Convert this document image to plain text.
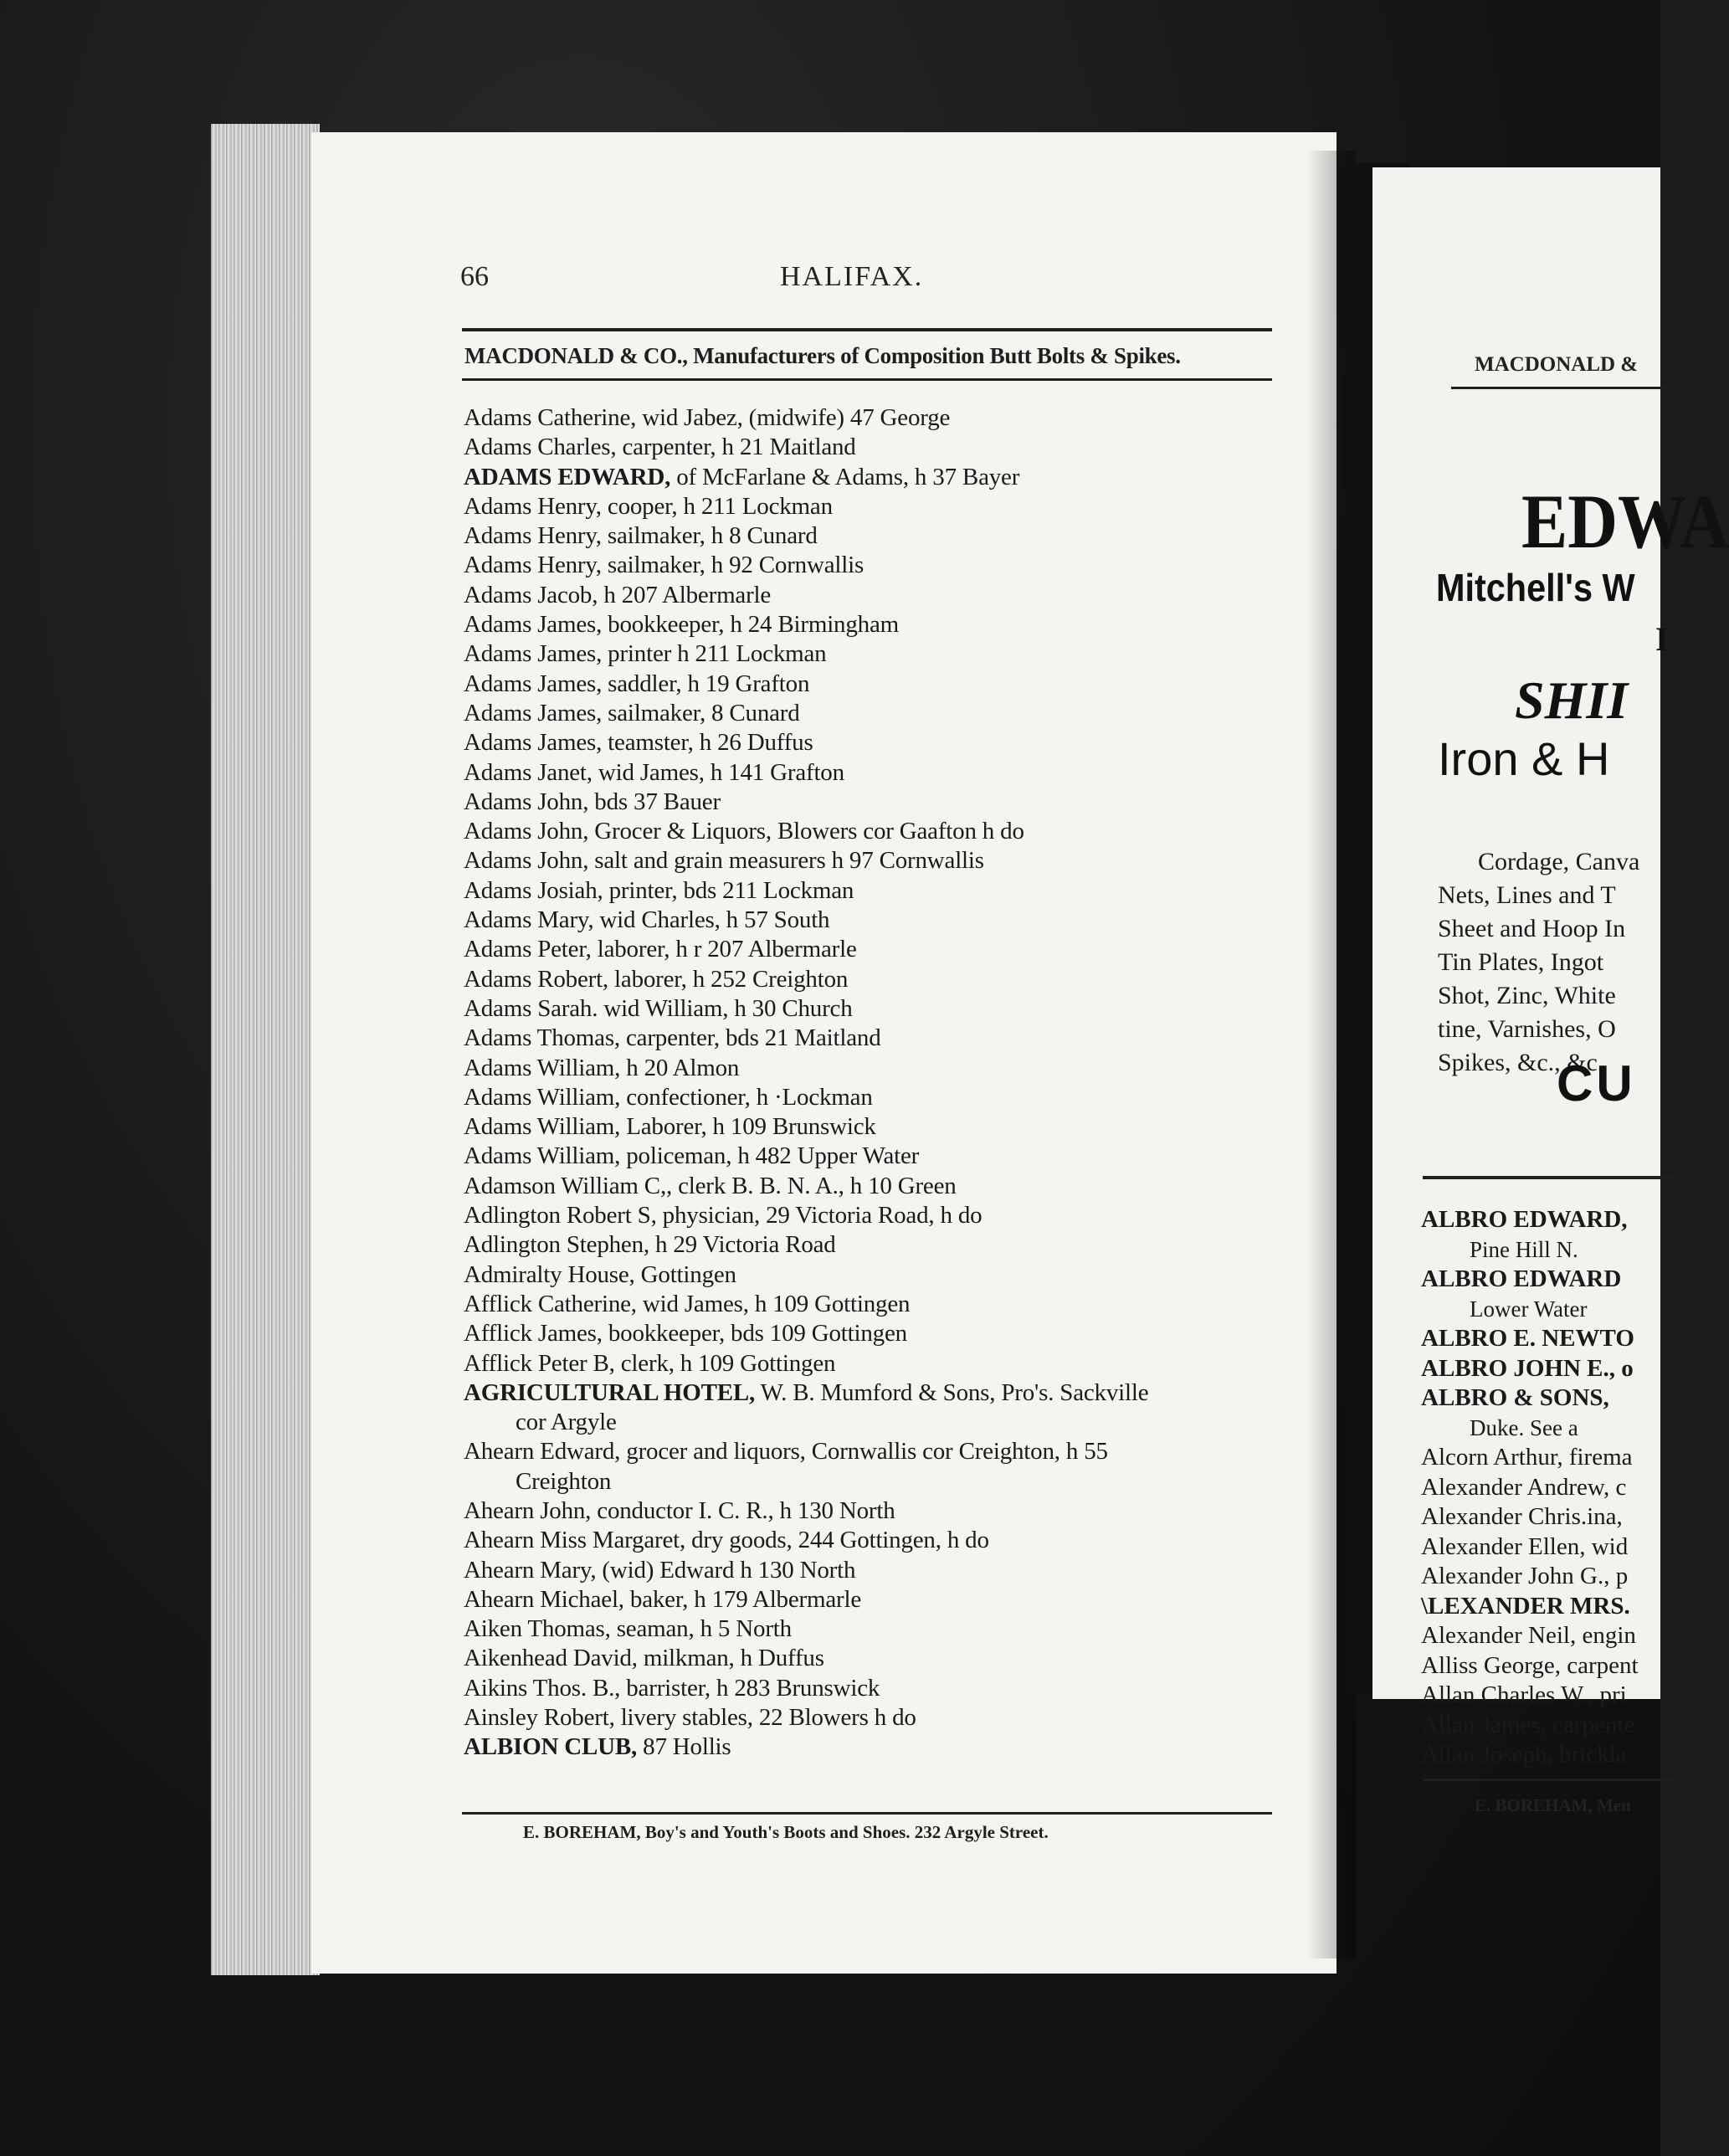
66	HALIFAX.
MACDONALD & CO., Manufacturers of Composition Butt Bolts & Spikes.
Adams Catherine, wid Jabez, (midwife) 47 George
Adams Charles, carpenter, h 21 Maitland
ADAMS EDWARD, of McFarlane & Adams, h 37 Bayer
Adams Henry, cooper, h 211 Lockman
Adams Henry, sailmaker, h 8 Cunard
Adams Henry, sailmaker, h 92 Cornwallis
Adams Jacob, h 207 Albermarle
Adams James, bookkeeper, h 24 Birmingham
Adams James, printer h 211 Lockman
Adams James, saddler, h 19 Grafton
Adams James, sailmaker, 8 Cunard
Adams James, teamster, h 26 Duffus
Adams Janet, wid James, h 141 Grafton
Adams John, bds 37 Bauer
Adams John, Grocer & Liquors, Blowers cor Gaafton h do
Adams John, salt and grain measurers h 97 Cornwallis
Adams Josiah, printer, bds 211 Lockman
Adams Mary, wid Charles, h 57 South
Adams Peter, laborer, h r 207 Albermarle
Adams Robert, laborer, h 252 Creighton
Adams Sarah. wid William, h 30 Church
Adams Thomas, carpenter, bds 21 Maitland
Adams William, h 20 Almon
Adams William, confectioner, h ·Lockman
Adams William, Laborer, h 109 Brunswick
Adams William, policeman, h 482 Upper Water
Adamson William C,, clerk B. B. N. A., h 10 Green
Adlington Robert S, physician, 29 Victoria Road, h do
Adlington Stephen, h 29 Victoria Road
Admiralty House, Gottingen
Afflick Catherine, wid James, h 109 Gottingen
Afflick James, bookkeeper, bds 109 Gottingen
Afflick Peter B, clerk, h 109 Gottingen
AGRICULTURAL HOTEL, W. B. Mumford & Sons, Pro's. Sackville
cor Argyle
Ahearn Edward, grocer and liquors, Cornwallis cor Creighton, h 55
Creighton
Ahearn John, conductor I. C. R., h 130 North
Ahearn Miss Margaret, dry goods, 244 Gottingen, h do
Ahearn Mary, (wid) Edward h 130 North
Ahearn Michael, baker, h 179 Albermarle
Aiken Thomas, seaman, h 5 North
Aikenhead David, milkman, h Duffus
Aikins Thos. B., barrister, h 283 Brunswick
Ainsley Robert, livery stables, 22 Blowers h do
ALBION CLUB, 87 Hollis
E. BOREHAM, Boy's and Youth's Boots and Shoes. 232 Argyle Street.
MACDONALD &
EDWA
Mitchell's W
I
SHII
Iron & H
Cordage, Canva
Nets, Lines and T
Sheet and Hoop In
Tin Plates, Ingot
Shot, Zinc, White
tine, Varnishes, O
Spikes, &c., &c.
CU
ALBRO EDWARD,
Pine Hill N.
ALBRO EDWARD
Lower Water
ALBRO E. NEWTO
ALBRO JOHN E., o
ALBRO & SONS,
Duke. See a
Alcorn Arthur, firema
Alexander Andrew, c
Alexander Chris.ina,
Alexander Ellen, wid
Alexander John G., p
\LEXANDER MRS.
Alexander Neil, engin
Alliss George, carpent
Allan Charles W., pri
Allan James, carpente
Allan Joseph, brickla
E. BOREHAM, Men
